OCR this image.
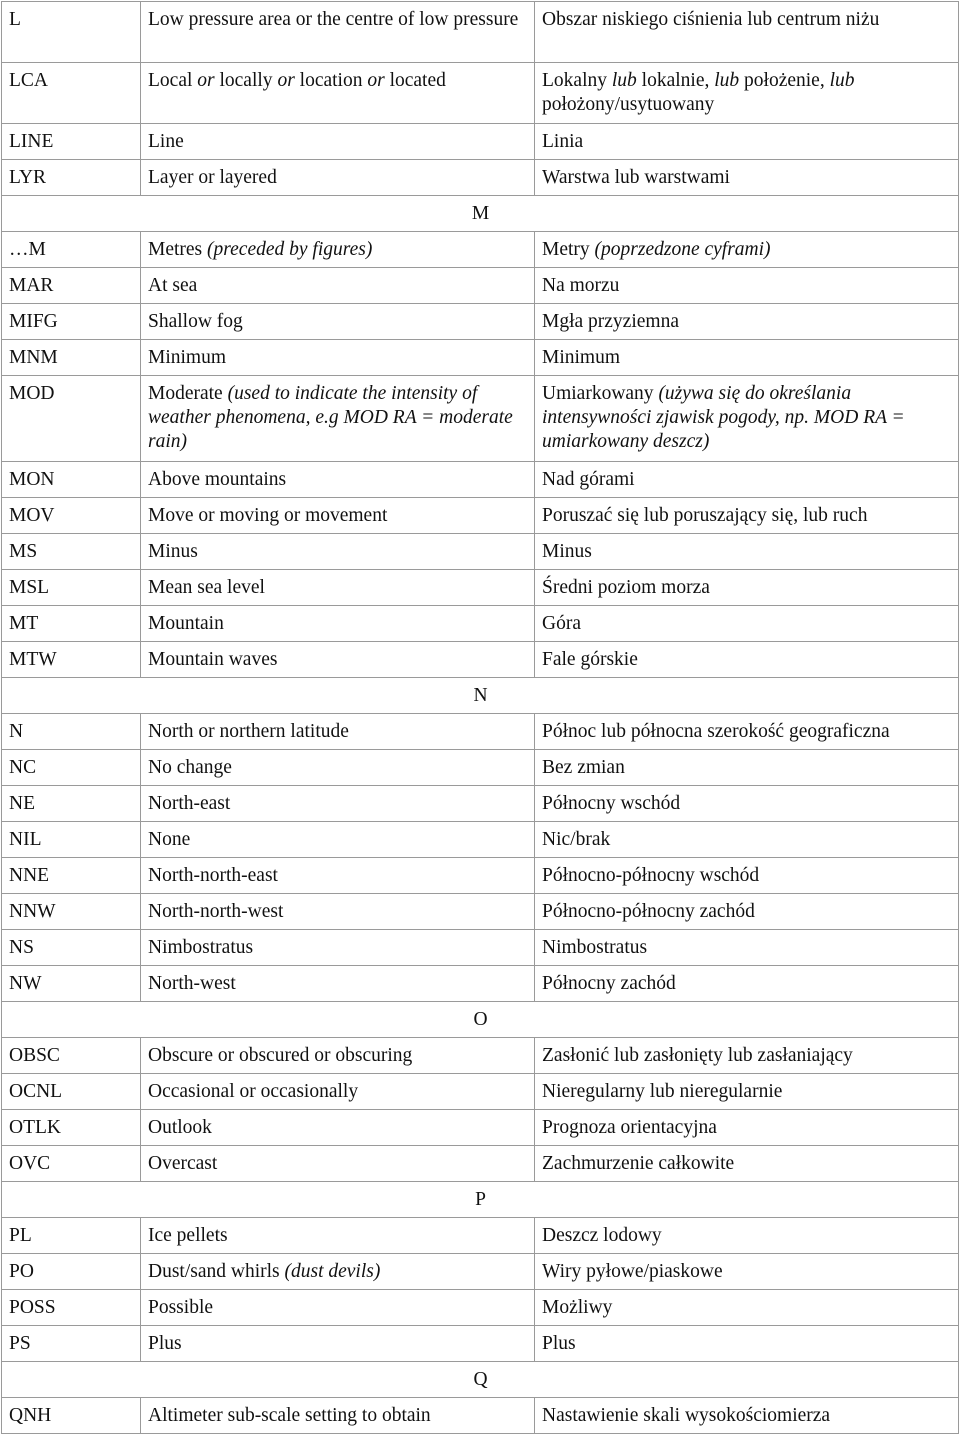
L	Low pressure area or the centre of low pressure	Obszar niskiego ciśnienia lub centrum niżu
LCA	Local or locally or location or located	Lokalny lub lokalnie, lub położenie, lub położony/usytuowany
LINE	Line	Linia
LYR	Layer or layered	Warstwa lub warstwami
M		
…M	Metres (preceded by figures)	Metry (poprzedzone cyframi)
MAR	At sea	Na morzu
MIFG	Shallow fog	Mgła przyziemna
MNM	Minimum	Minimum
MOD	Moderate (used to indicate the intensity of weather phenomena, e.g MOD RA = moderate rain)	Umiarkowany (używa się do określania intensywności zjawisk pogody, np. MOD RA = umiarkowany deszcz)
MON	Above mountains	Nad górami
MOV	Move or moving or movement	Poruszać się lub poruszający się, lub ruch
MS	Minus	Minus
MSL	Mean sea level	Średni poziom morza
MT	Mountain	Góra
MTW	Mountain waves	Fale górskie
N		
N	North or northern latitude	Północ lub północna szerokość geograficzna
NC	No change	Bez zmian
NE	North-east	Północny wschód
NIL	None	Nic/brak
NNE	North-north-east	Północno-północny wschód
NNW	North-north-west	Północno-północny zachód
NS	Nimbostratus	Nimbostratus
NW	North-west	Północny zachód
O		
OBSC	Obscure or obscured or obscuring	Zasłonić lub zasłonięty lub zasłaniający
OCNL	Occasional or occasionally	Nieregularny lub nieregularnie
OTLK	Outlook	Prognoza orientacyjna
OVC	Overcast	Zachmurzenie całkowite
P		
PL	Ice pellets	Deszcz lodowy
PO	Dust/sand whirls (dust devils)	Wiry pyłowe/piaskowe
POSS	Possible	Możliwy
PS	Plus	Plus
Q		
QNH	Altimeter sub-scale setting to obtain	Nastawienie skali wysokościomierza
